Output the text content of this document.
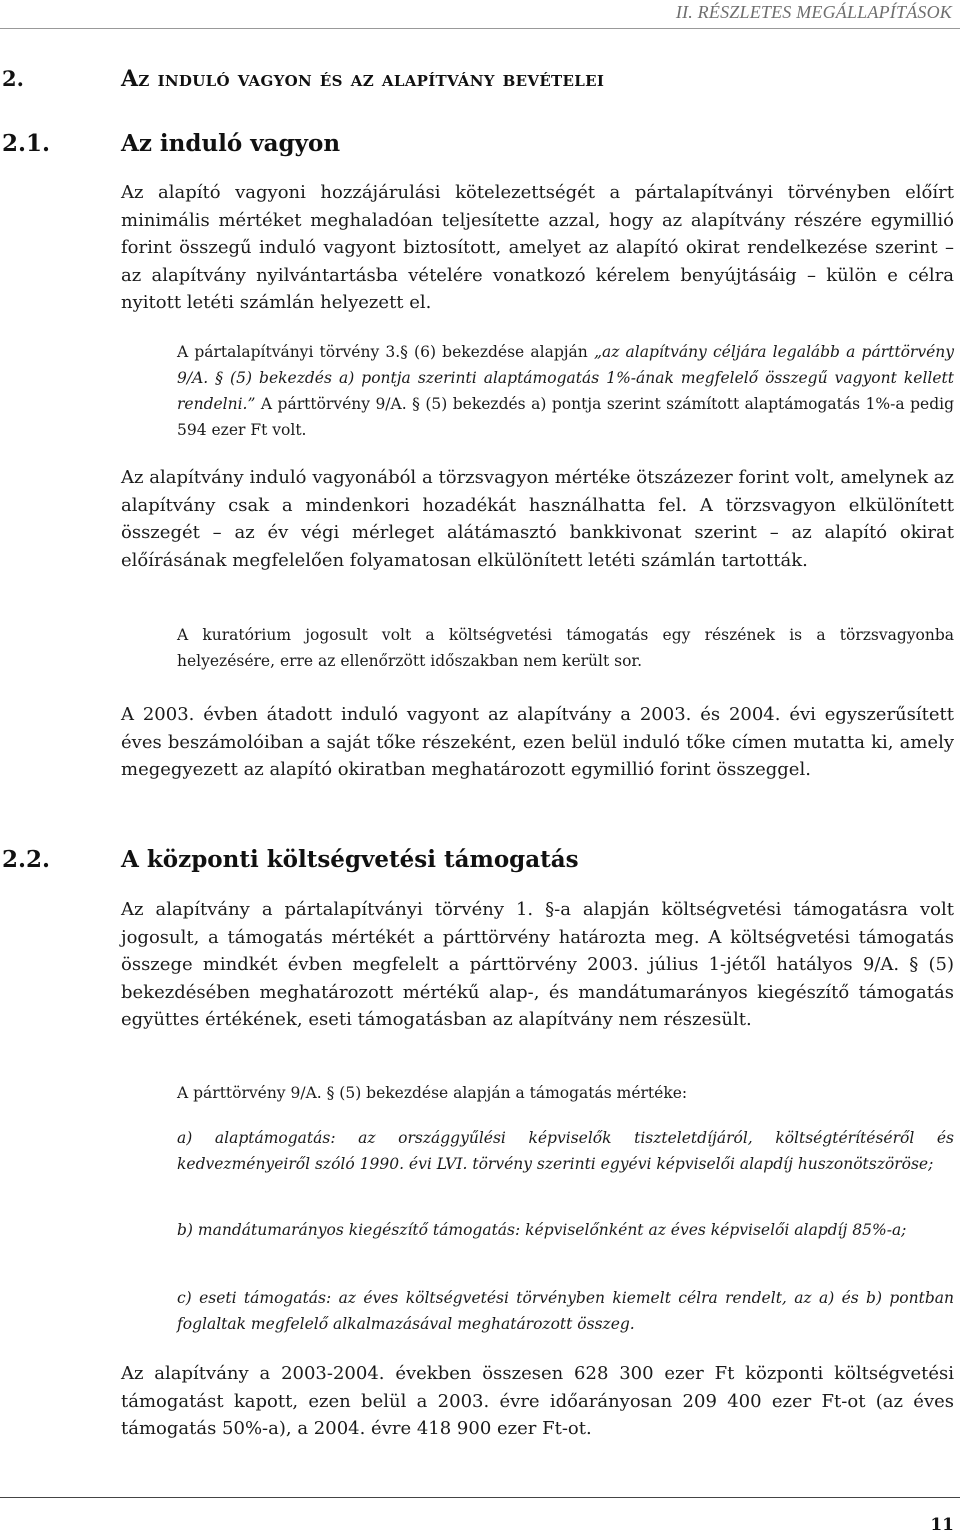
II. RÉSZLETES MEGÁLLAPÍTÁSOK
2.	Az induló vagyon és az alapítvány bevételei
2.1.	Az induló vagyon

Az alapító vagyoni hozzájárulási kötelezettségét a pártalapítványi törvényben előírt minimális mértéket meghaladóan teljesítette azzal, hogy az alapítvány részére egymillió forint összegű induló vagyont biztosított, amelyet az alapító okirat rendelkezése szerint – az alapítvány nyilvántartásba vételére vonatkozó kérelem benyújtásáig – külön e célra nyitott letéti számlán helyezett el.

A pártalapítványi törvény 3.§ (6) bekezdése alapján „az alapítvány céljára legalább a párttörvény 9/A. § (5) bekezdés a) pontja szerinti alaptámogatás 1%-ának megfelelő összegű vagyont kellett rendelni.” A párttörvény 9/A. § (5) bekezdés a) pontja szerint számított alaptámogatás 1%-a pedig 594 ezer Ft volt.

Az alapítvány induló vagyonából a törzsvagyon mértéke ötszázezer forint volt, amelynek az alapítvány csak a mindenkori hozadékát használhatta fel. A törzsvagyon elkülönített összegét – az év végi mérleget alátámasztó bankkivonat szerint – az alapító okirat előírásának megfelelően folyamatosan elkülönített letéti számlán tartották.

A kuratórium jogosult volt a költségvetési támogatás egy részének is a törzsvagyonba helyezésére, erre az ellenőrzött időszakban nem került sor.

A 2003. évben átadott induló vagyont az alapítvány a 2003. és 2004. évi egyszerűsített éves beszámolóiban a saját tőke részeként, ezen belül induló tőke címen mutatta ki, amely megegyezett az alapító okiratban meghatározott egymillió forint összeggel.

2.2.	A központi költségvetési támogatás

Az alapítvány a pártalapítványi törvény 1. §-a alapján költségvetési támogatásra volt jogosult, a támogatás mértékét a párttörvény határozta meg. A költségvetési támogatás összege mindkét évben megfelelt a párttörvény 2003. július 1-jétől hatályos 9/A. § (5) bekezdésében meghatározott mértékű alap-, és mandátumarányos kiegészítő támogatás együttes értékének, eseti támogatásban az alapítvány nem részesült.

A párttörvény 9/A. § (5) bekezdése alapján a támogatás mértéke:

a) alaptámogatás: az országgyűlési képviselők tiszteletdíjáról, költségtérítéséről és kedvezményeiről szóló 1990. évi LVI. törvény szerinti egyévi képviselői alapdíj huszonötszöröse;

b) mandátumarányos kiegészítő támogatás: képviselőnként az éves képviselői alapdíj 85%-a;

c) eseti támogatás: az éves költségvetési törvényben kiemelt célra rendelt, az a) és b) pontban foglaltak megfelelő alkalmazásával meghatározott összeg.

Az alapítvány a 2003-2004. években összesen 628 300 ezer Ft központi költségvetési támogatást kapott, ezen belül a 2003. évre időarányosan 209 400 ezer Ft-ot (az éves támogatás 50%-a), a 2004. évre 418 900 ezer Ft-ot.

11
